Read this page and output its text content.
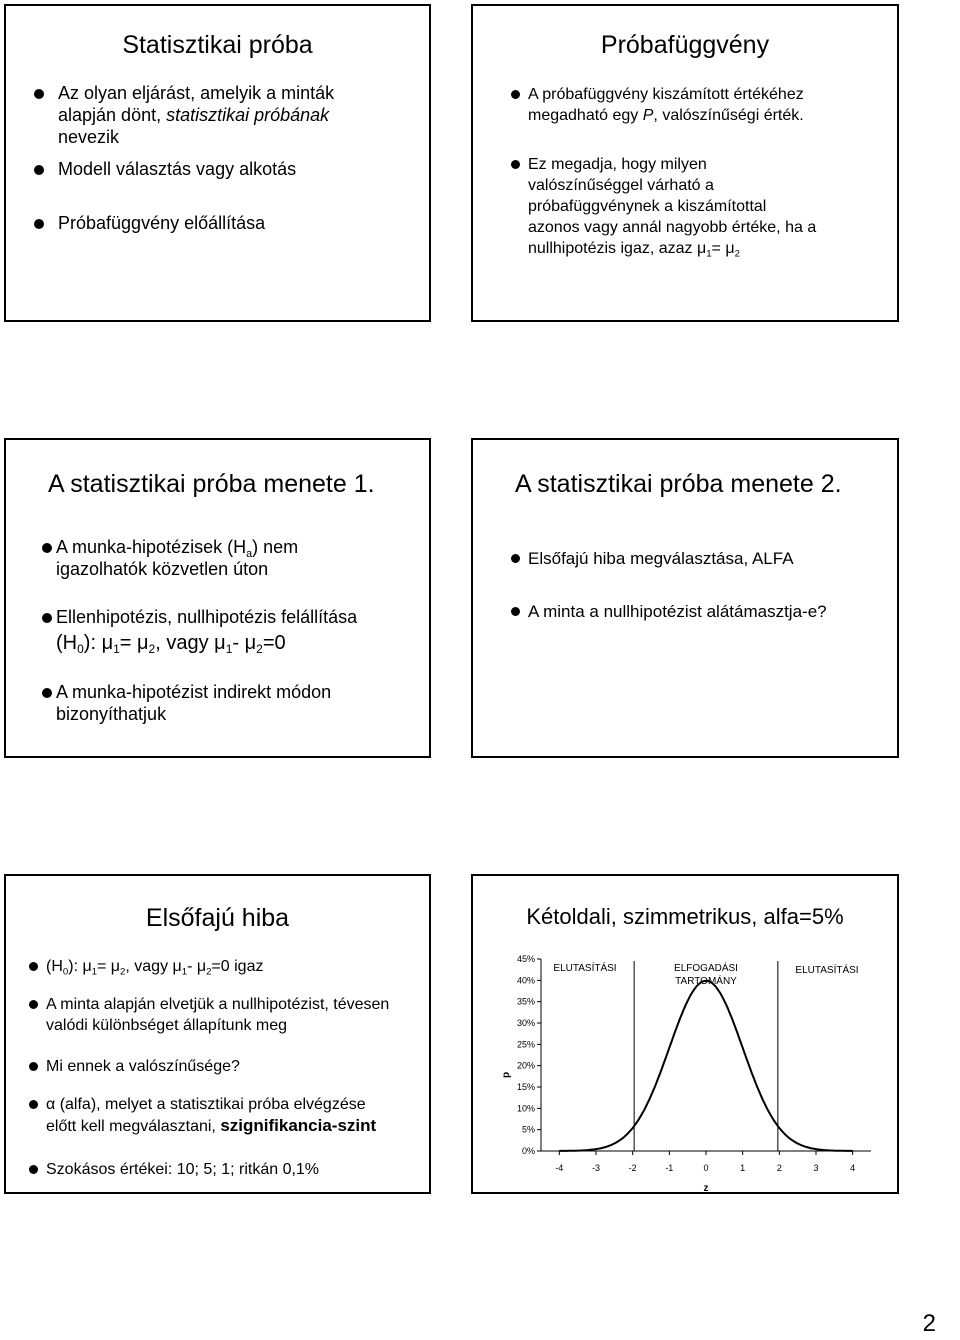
Statisztikai próba
Az olyan eljárást, amelyik a minták
alapján dönt, statisztikai próbának
nevezik
Modell választás vagy alkotás
Próbafüggvény előállítása
Próbafüggvény
A próbafüggvény kiszámított értékéhez
megadható egy P, valószínűségi érték.
Ez megadja, hogy milyen
valószínűséggel várható a
próbafüggvénynek a kiszámítottal
azonos vagy annál nagyobb értéke, ha a
nullhipotézis igaz, azaz $\mu_1= \mu_2$
A statisztikai próba menete 1.
A munka-hipotézisek $(H_a)$ nem
igazolhatók közvetlen úton
Ellenhipotézis, nullhipotézis felállítása
$(H_0)$: $\mu_1= \mu_2$, vagy $\mu_1-$ $\mu_2=0$
A munka-hipotézist indirekt módon
bizonyíthatjuk
A statisztikai próba menete 2.
Elsőfajú hiba megválasztása, ALFA
A minta a nullhipotézist alátámasztja-e?
Elsőfajú hiba
$(H_0)$: $\mu_1= \mu_2$, vagy $\mu_1-$ $\mu_2=0$ igaz
A minta alapján elvetjük a nullhipotézist, tévesen
valódi különbséget állapítunk meg
Mi ennek a valószínűsége?
α (alfa), melyet a statisztikai próba elvégzése
előtt kell megválasztani, szignifikancia-szint
Szokásos értékei: 10; 5; 1; ritkán 0,1%
Kétoldali, szimmetrikus, alfa=5%
0%
5%
10%
15%
20%
25%
30%
35%
40%
45%
-4	-3	-2	-1	0	1	2	3	4
z
p
ELUTASÍTÁSI	ELFOGADÁSI
TARTOMÁNY
ELUTASÍTÁSI
2
